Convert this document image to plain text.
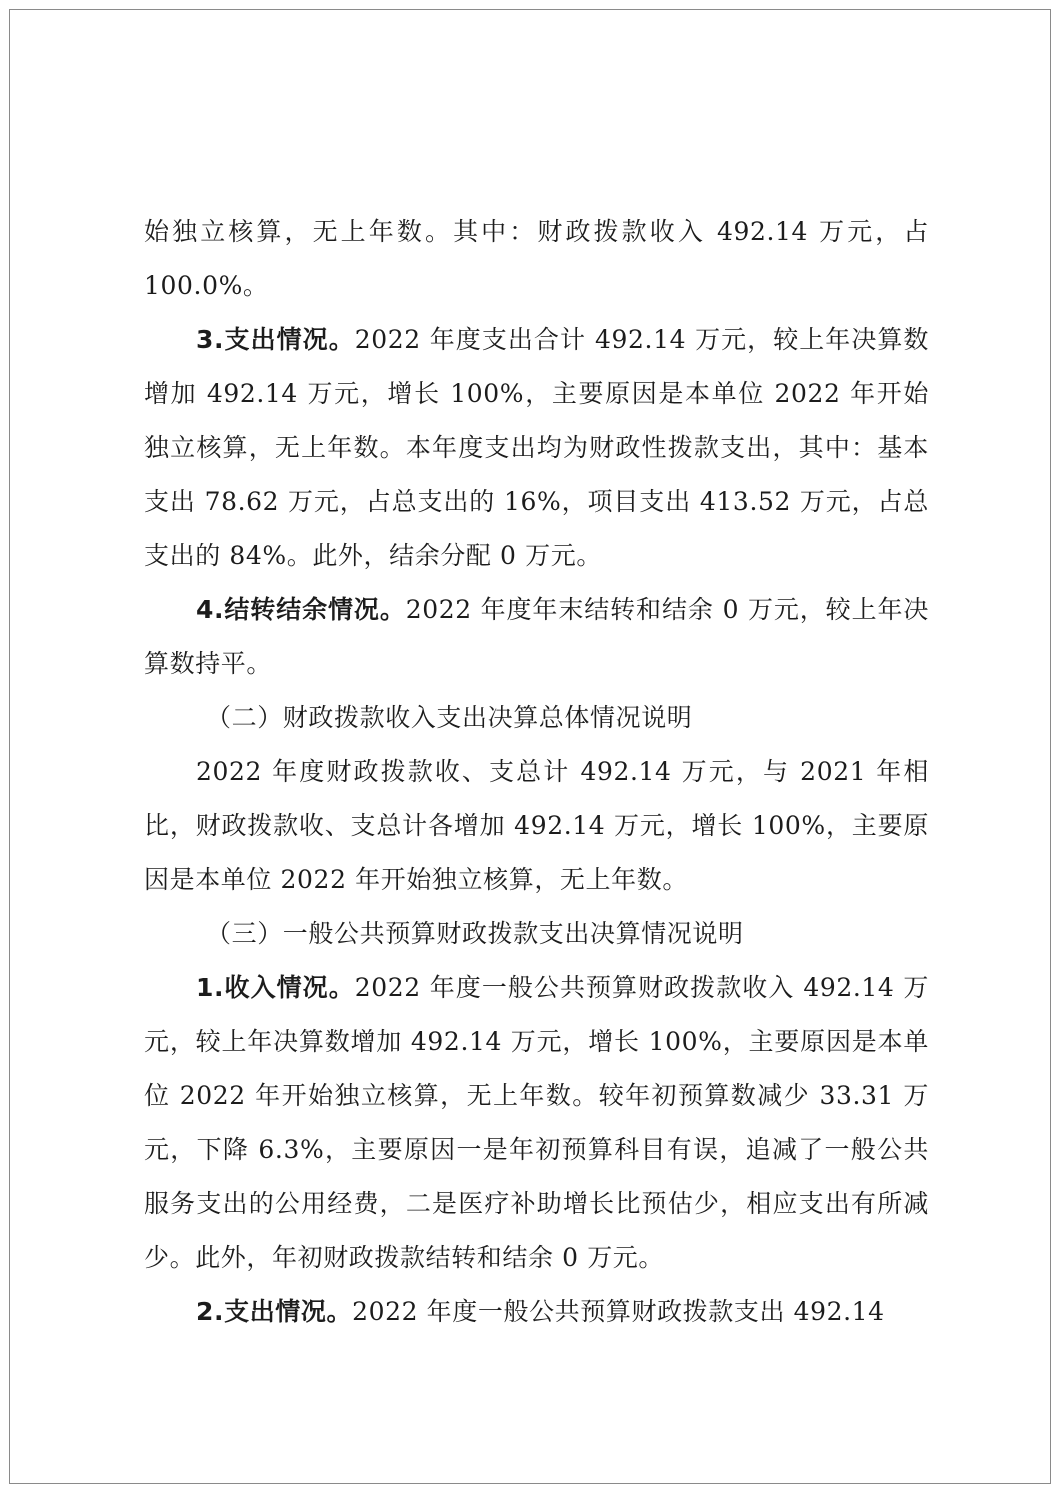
始独立核算，无上年数。其中：财政拨款收入 492.14 万元，占100.0%。

3.支出情况。2022 年度支出合计 492.14 万元，较上年决算数增加 492.14 万元，增长 100%，主要原因是本单位 2022 年开始独立核算，无上年数。本年度支出均为财政性拨款支出，其中：基本支出 78.62 万元，占总支出的 16%，项目支出 413.52 万元，占总支出的 84%。此外，结余分配 0 万元。

4.结转结余情况。2022 年度年末结转和结余 0 万元，较上年决算数持平。

（二）财政拨款收入支出决算总体情况说明

2022 年度财政拨款收、支总计 492.14 万元，与 2021 年相比，财政拨款收、支总计各增加 492.14 万元，增长 100%，主要原因是本单位 2022 年开始独立核算，无上年数。

（三）一般公共预算财政拨款支出决算情况说明

1.收入情况。2022 年度一般公共预算财政拨款收入 492.14 万元，较上年决算数增加 492.14 万元，增长 100%，主要原因是本单位 2022 年开始独立核算，无上年数。较年初预算数减少 33.31 万元，下降 6.3%，主要原因一是年初预算科目有误，追减了一般公共服务支出的公用经费，二是医疗补助增长比预估少，相应支出有所减少。此外，年初财政拨款结转和结余 0 万元。

2.支出情况。2022 年度一般公共预算财政拨款支出 492.14
